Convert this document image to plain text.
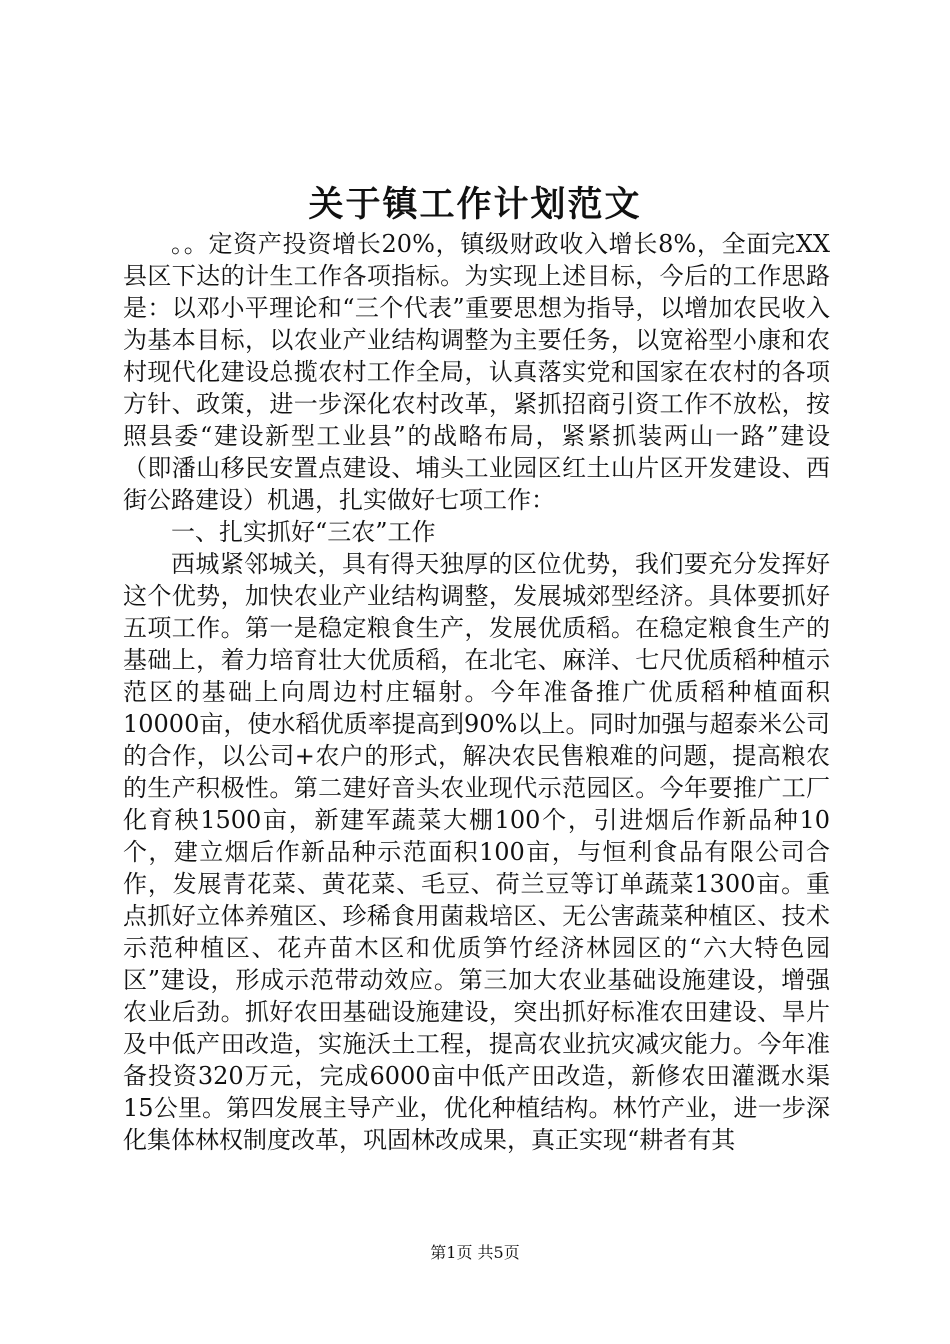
关于镇工作计划范文

。。定资产投资增长20%，镇级财政收入增长8%，全面完XX县区下达的计生工作各项指标。为实现上述目标，今后的工作思路是：以邓小平理论和“三个代表”重要思想为指导，以增加农民收入为基本目标，以农业产业结构调整为主要任务，以宽裕型小康和农村现代化建设总揽农村工作全局，认真落实党和国家在农村的各项方针、政策，进一步深化农村改革，紧抓招商引资工作不放松，按照县委“建设新型工业县”的战略布局，紧紧抓装两山一路”建设（即潘山移民安置点建设、埔头工业园区红土山片区开发建设、西街公路建设）机遇，扎实做好七项工作：

一、扎实抓好“三农”工作

西城紧邻城关，具有得天独厚的区位优势，我们要充分发挥好这个优势，加快农业产业结构调整，发展城郊型经济。具体要抓好五项工作。第一是稳定粮食生产，发展优质稻。在稳定粮食生产的基础上，着力培育壮大优质稻，在北宅、麻洋、七尺优质稻种植示范区的基础上向周边村庄辐射。今年准备推广优质稻种植面积10000亩，使水稻优质率提高到90%以上。同时加强与超泰米公司的合作，以公司+农户的形式，解决农民售粮难的问题，提高粮农的生产积极性。第二建好音头农业现代示范园区。今年要推广工厂化育秧1500亩，新建军蔬菜大棚100个，引进烟后作新品种10个，建立烟后作新品种示范面积100亩，与恒利食品有限公司合作，发展青花菜、黄花菜、毛豆、荷兰豆等订单蔬菜1300亩。重点抓好立体养殖区、珍稀食用菌栽培区、无公害蔬菜种植区、技术示范种植区、花卉苗木区和优质笋竹经济林园区的“六大特色园区”建设，形成示范带动效应。第三加大农业基础设施建设，增强农业后劲。抓好农田基础设施建设，突出抓好标准农田建设、旱片及中低产田改造，实施沃土工程，提高农业抗灾减灾能力。今年准备投资320万元，完成6000亩中低产田改造，新修农田灌溉水渠15公里。第四发展主导产业，优化种植结构。林竹产业，进一步深化集体林权制度改革，巩固林改成果，真正实现“耕者有其

第1页 共5页
